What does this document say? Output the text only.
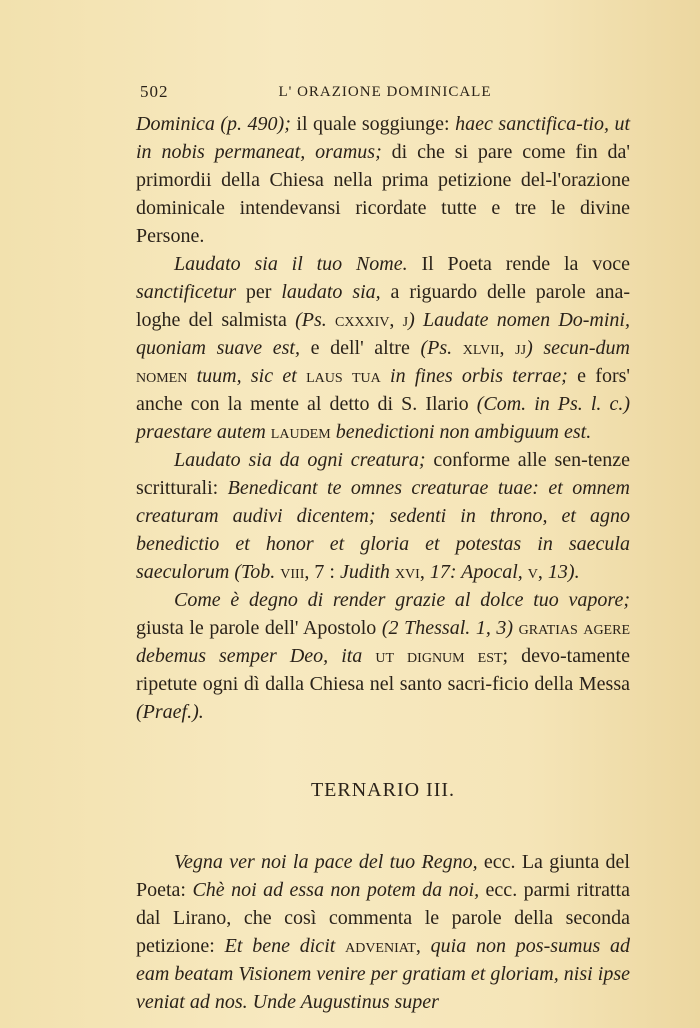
502	L' ORAZIONE DOMINICALE

Dominica (p. 490); il quale soggiunge: haec sanctifica-tio, ut in nobis permaneat, oramus; di che si pare come fin da' primordii della Chiesa nella prima petizione del-l'orazione dominicale intendevansi ricordate tutte e tre le divine Persone.

Laudato sia il tuo Nome. Il Poeta rende la voce sanctificetur per laudato sia, a riguardo delle parole ana-loghe del salmista (Ps. cxxxiv, j) Laudate nomen Do-mini, quoniam suave est, e dell' altre (Ps. xlvii, jj) secun-dum nomen tuum, sic et laus tua in fines orbis terrae; e fors' anche con la mente al detto di S. Ilario (Com. in Ps. l. c.) praestare autem laudem benedictioni non ambiguum est.

Laudato sia da ogni creatura; conforme alle sen-tenze scritturali: Benedicant te omnes creaturae tuae: et omnem creaturam audivi dicentem; sedenti in throno, et agno benedictio et honor et gloria et potestas in saecula saeculorum (Tob. viii, 7 : Judith xvi, 17: Apocal, v, 13).

Come è degno di render grazie al dolce tuo vapore; giusta le parole dell' Apostolo (2 Thessal. 1, 3) gratias agere debemus semper Deo, ita ut dignum est; devo-tamente ripetute ogni dì dalla Chiesa nel santo sacri-ficio della Messa (Praef.).

TERNARIO III.

Vegna ver noi la pace del tuo Regno, ecc. La giunta del Poeta: Chè noi ad essa non potem da noi, ecc. parmi ritratta dal Lirano, che così commenta le parole della seconda petizione: Et bene dicit adveniat, quia non pos-sumus ad eam beatam Visionem venire per gratiam et gloriam, nisi ipse veniat ad nos. Unde Augustinus super
